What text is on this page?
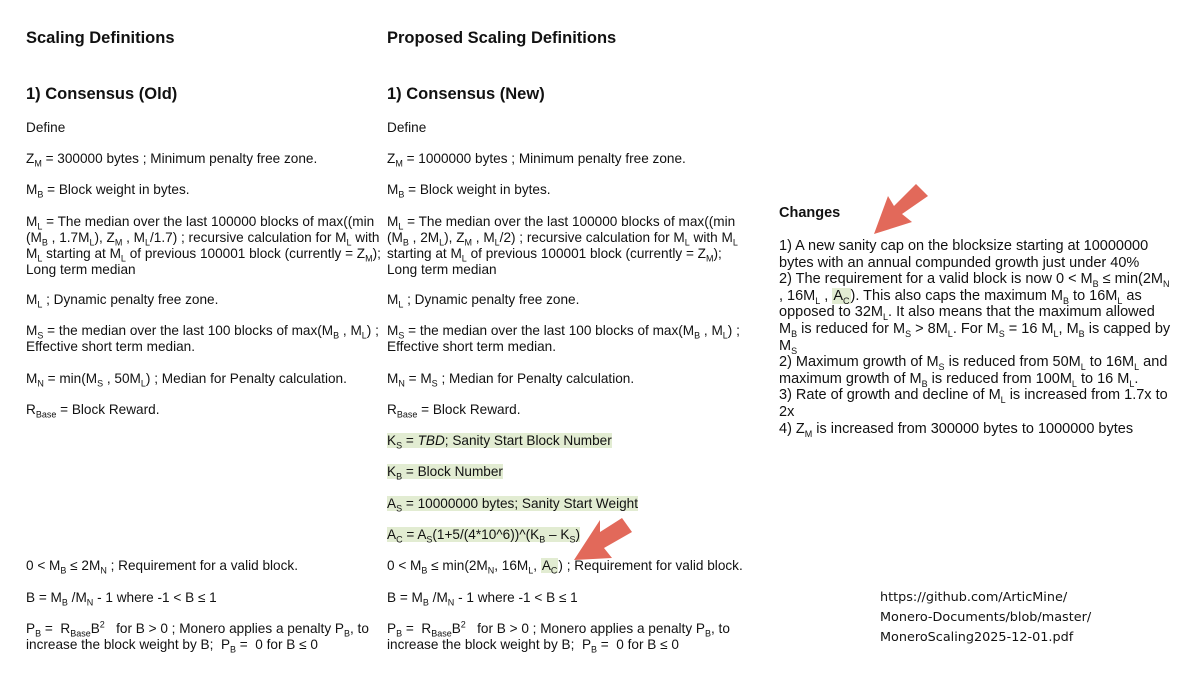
Scaling Definitions
1) Consensus (Old)
Define
$Z_M = 300000$ bytes ; Minimum penalty free zone.
$M_B$ = Block weight in bytes.
$M_L$ = The median over the last 100000 blocks of max((min ($M_B$ , $1.7M_L$), $Z_M$ , $M_L/1.7$) ; recursive calculation for $M_L$ with $M_L$ starting at $M_L$ of previous 100001 block (currently = $Z_M$); Long term median
$M_L$ ; Dynamic penalty free zone.
$M_S$ = the median over the last 100 blocks of $\max(M_B$ , $M_L$) ; Effective short term median.
$M_N = \min(M_S$ , $50M_L$) ; Median for Penalty calculation.
$R_{Base}$ = Block Reward.
$0 < M_B \le 2M_N$ ; Requirement for a valid block.
$B = M_B$ $/M_N - 1$ where -1 < B ≤ 1
$P_B = R_{Base}B^2$   for B > 0 ; Monero applies a penalty $P_B$, to increase the block weight by B;  $P_B = 0$ for B ≤ 0
Proposed Scaling Definitions
1) Consensus (New)
Define
$Z_M = 1000000$ bytes ; Minimum penalty free zone.
$M_B$ = Block weight in bytes.
$M_L$ = The median over the last 100000 blocks of max((min ($M_B$ , $2M_L$), $Z_M$ , $M_L/2$) ; recursive calculation for $M_L$ with $M_L$ starting at $M_L$ of previous 100001 block (currently = $Z_M$); Long term median
$M_L$ ; Dynamic penalty free zone.
$M_S$ = the median over the last 100 blocks of $\max(M_B$ , $M_L$) ; Effective short term median.
$M_N = M_S$ ; Median for Penalty calculation.
$R_{Base}$ = Block Reward.
$K_S$ = TBD; Sanity Start Block Number
$K_B$ = Block Number
$A_S = 10000000$ bytes; Sanity Start Weight
$A_C$ = $A_S(1+5/(4*10\^{}6))\^{}(K_B - K_S)$
$0 < M_B \le \min(2M_N$, $16M_L$, $A_C$) ; Requirement for valid block.
$B = M_B$ $/M_N - 1$ where -1 < B ≤ 1
$P_B = R_{Base}B^2$   for B > 0 ; Monero applies a penalty $P_B$, to increase the block weight by B;  $P_B = 0$ for B ≤ 0
Changes
1) A new sanity cap on the blocksize starting at 10000000 bytes with an annual compunded growth just under 40%
2) The requirement for a valid block is now $0 < M_B \le \min(2M_N$ , $16M_L$ , $A_C$). This also caps the maximum $M_B$ to $16M_L$ as opposed to $32M_L$. It also means that the maximum allowed $M_B$ is reduced for $M_S > 8M_L$. For $M_S = 16$ $M_L$, $M_B$ is capped by $M_S$
2) Maximum growth of $M_S$ is reduced from $50M_L$ to $16M_L$ and maximum growth of $M_B$ is reduced from $100M_L$ to 16 $M_L$.
3) Rate of growth and decline of $M_L$ is increased from 1.7x to 2x
4) $Z_M$ is increased from 300000 bytes to 1000000 bytes
https://github.com/ArticMine/
Monero-Documents/blob/master/
MoneroScaling2025-12-01.pdf
